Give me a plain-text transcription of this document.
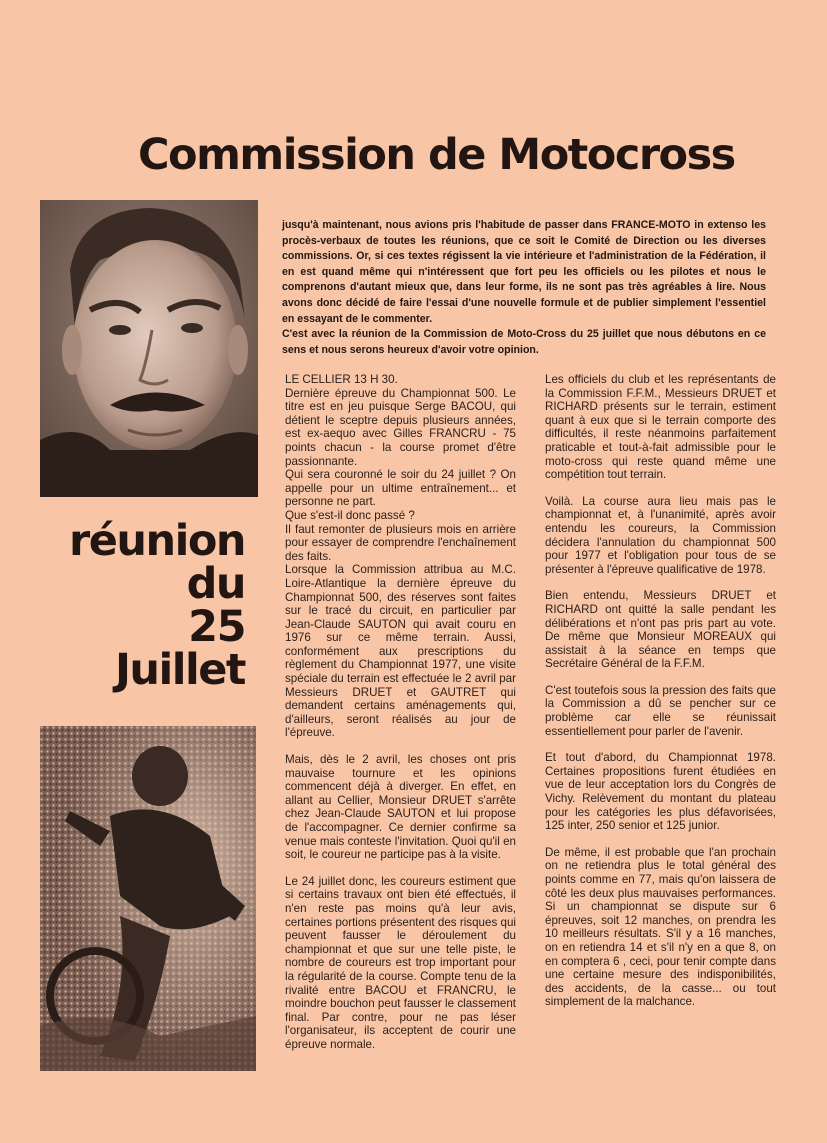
Commission de Motocross
réunion
du
25
Juillet

jusqu'à maintenant, nous avions pris l'habitude de passer dans FRANCE-MOTO in extenso les procès-verbaux de toutes les réunions, que ce soit le Comité de Direction ou les diverses commissions. Or, si ces textes régissent la vie intérieure et l'administration de la Fédération, il en est quand même qui n'intéressent que fort peu les officiels ou les pilotes et nous le comprenons d'autant mieux que, dans leur forme, ils ne sont pas très agréables à lire. Nous avons donc décidé de faire l'essai d'une nouvelle formule et de publier simplement l'essentiel en essayant de le commenter.

C'est avec la réunion de la Commission de Moto-Cross du 25 juillet que nous débutons en ce sens et nous serons heureux d'avoir votre opinion.

LE CELLIER 13 H 30.

Dernière épreuve du Championnat 500. Le titre est en jeu puisque Serge BACOU, qui détient le sceptre depuis plusieurs années, est ex-aequo avec Gilles FRANCRU - 75 points chacun - la course promet d'être passionnante.

Qui sera couronné le soir du 24 juillet ? On appelle pour un ultime entraînement... et personne ne part.

Que s'est-il donc passé ?

Il faut remonter de plusieurs mois en arrière pour essayer de comprendre l'enchaînement des faits.

Lorsque la Commission attribua au M.C. Loire-Atlantique la dernière épreuve du Championnat 500, des réserves sont faites sur le tracé du circuit, en particulier par Jean-Claude SAUTON qui avait couru en 1976 sur ce même terrain. Aussi, conformément aux prescriptions du règlement du Championnat 1977, une visite spéciale du terrain est effectuée le 2 avril par Messieurs DRUET et GAUTRET qui demandent certains aménagements qui, d'ailleurs, seront réalisés au jour de l'épreuve.

Mais, dès le 2 avril, les choses ont pris mauvaise tournure et les opinions commencent déjà à diverger. En effet, en allant au Cellier, Monsieur DRUET s'arrête chez Jean-Claude SAUTON et lui propose de l'accompagner. Ce dernier confirme sa venue mais conteste l'invitation. Quoi qu'il en soit, le coureur ne participe pas à la visite.

Le 24 juillet donc, les coureurs estiment que si certains travaux ont bien été effectués, il n'en reste pas moins qu'à leur avis, certaines portions présentent des risques qui peuvent fausser le déroulement du championnat et que sur une telle piste, le nombre de coureurs est trop important pour la régularité de la course. Compte tenu de la rivalité entre BACOU et FRANCRU, le moindre bouchon peut fausser le classement final. Par contre, pour ne pas léser l'organisateur, ils acceptent de courir une épreuve normale.

Les officiels du club et les représentants de la Commission F.F.M., Messieurs DRUET et RICHARD présents sur le terrain, estiment quant à eux que si le terrain comporte des difficultés, il reste néanmoins parfaitement praticable et tout-à-fait admissible pour le moto-cross qui reste quand même une compétition tout terrain.

Voilà. La course aura lieu mais pas le championnat et, à l'unanimité, après avoir entendu les coureurs, la Commission décidera l'annulation du championnat 500 pour 1977 et l'obligation pour tous de se présenter à l'épreuve qualificative de 1978.

Bien entendu, Messieurs DRUET et RICHARD ont quitté la salle pendant les délibérations et n'ont pas pris part au vote. De même que Monsieur MOREAUX qui assistait à la séance en temps que Secrétaire Général de la F.F.M.

C'est toutefois sous la pression des faits que la Commission a dû se pencher sur ce problème car elle se réunissait essentiellement pour parler de l'avenir.

Et tout d'abord, du Championnat 1978. Certaines propositions furent étudiées en vue de leur acceptation lors du Congrès de Vichy. Relèvement du montant du plateau pour les catégories les plus défavorisées, 125 inter, 250 senior et 125 junior.

De même, il est probable que l'an prochain on ne retiendra plus le total général des points comme en 77, mais qu'on laissera de côté les deux plus mauvaises performances. Si un championnat se dispute sur 6 épreuves, soit 12 manches, on prendra les 10 meilleurs résultats. S'il y a 16 manches, on en retiendra 14 et s'il n'y en a que 8, on en comptera 6 , ceci, pour tenir compte dans une certaine mesure des indisponibilités, des accidents, de la casse... ou tout simplement de la malchance.
